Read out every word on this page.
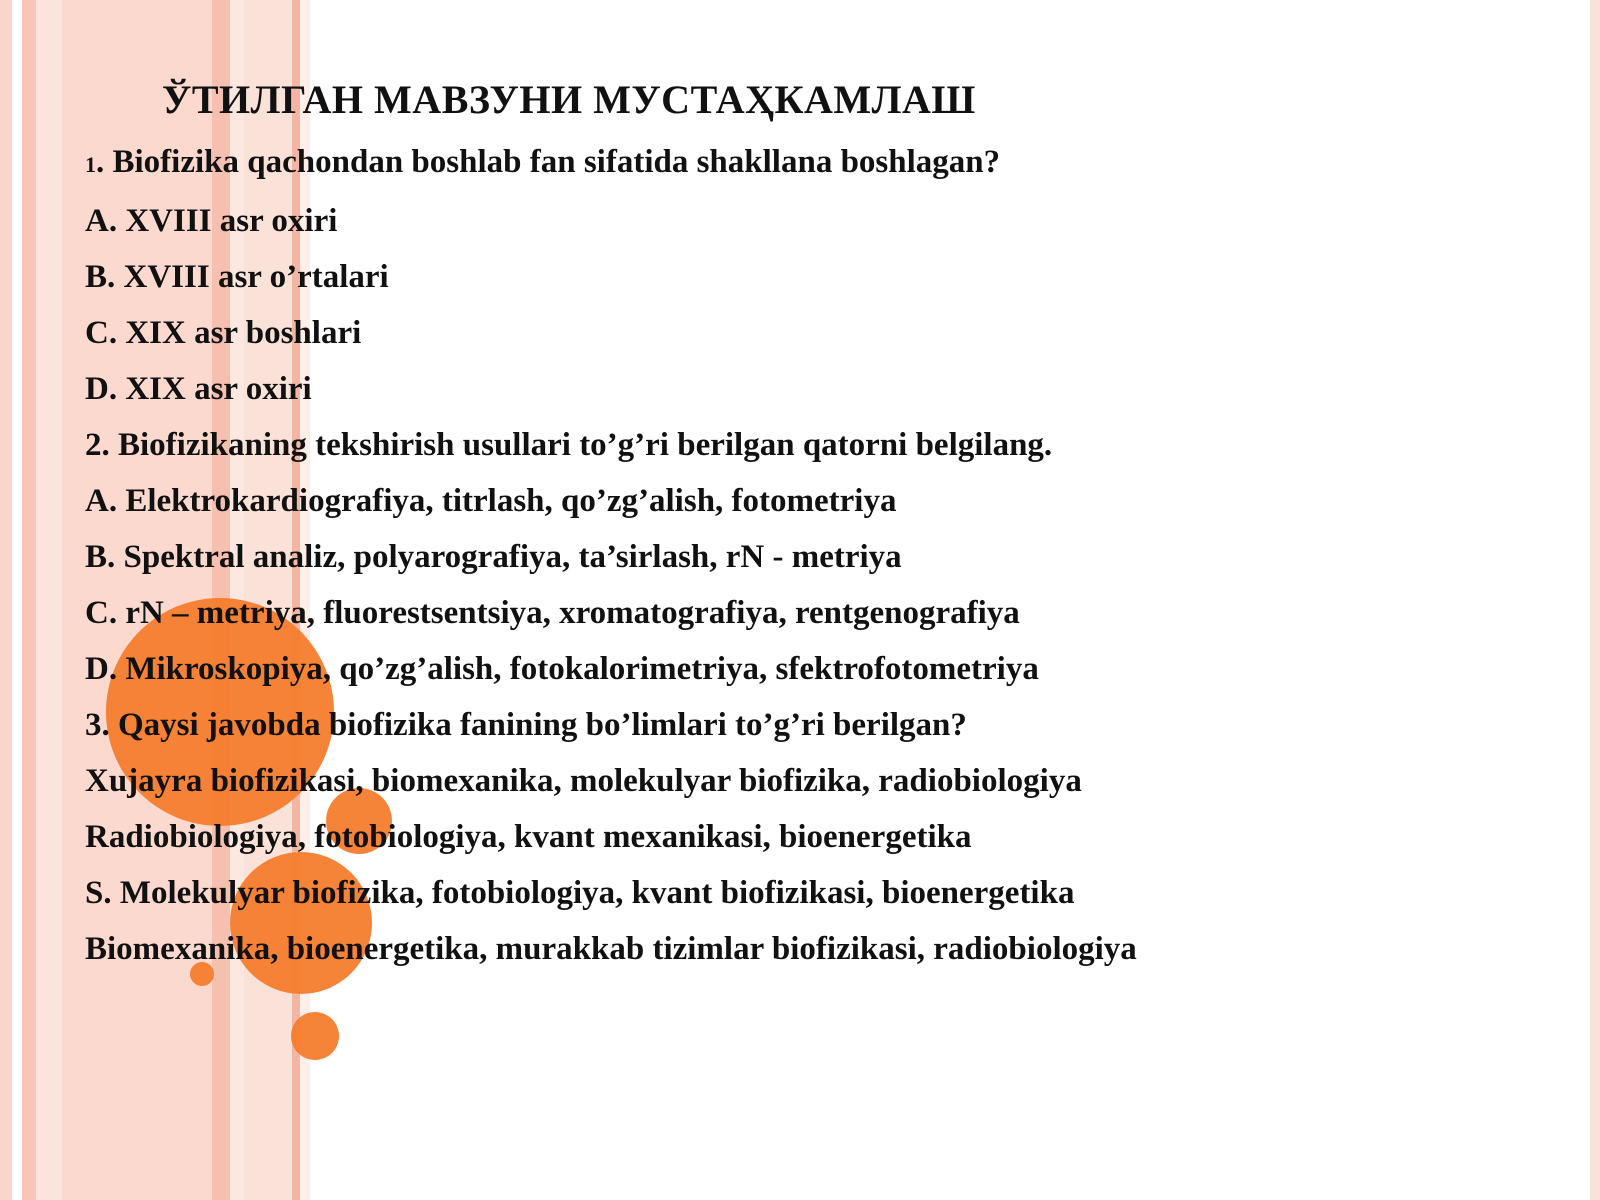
ЎТИЛГАН МАВЗУНИ МУСТАҲКАМЛАШ

1. Biofizika qachondan boshlab fan sifatida shakllana boshlagan?

A. XVIII asr oxiri

B. XVIII asr o’rtalari

C. XIX asr boshlari

D. XIX asr oxiri

2. Biofizikaning tekshirish usullari to’g’ri berilgan qatorni belgilang.

A. Elektrokardiografiya, titrlash, qo’zg’alish, fotometriya

B. Spektral analiz, polyarografiya, ta’sirlash, rN - metriya

C. rN – metriya, fluorestsentsiya, xromatografiya, rentgenografiya

D. Mikroskopiya, qo’zg’alish, fotokalorimetriya, sfektrofotometriya

3. Qaysi javobda biofizika fanining bo’limlari to’g’ri berilgan?

Xujayra biofizikasi, biomexanika, molekulyar biofizika, radiobiologiya

Radiobiologiya, fotobiologiya, kvant mexanikasi, bioenergetika

S. Molekulyar biofizika, fotobiologiya, kvant biofizikasi, bioenergetika

Biomexanika, bioenergetika, murakkab tizimlar biofizikasi, radiobiologiya
